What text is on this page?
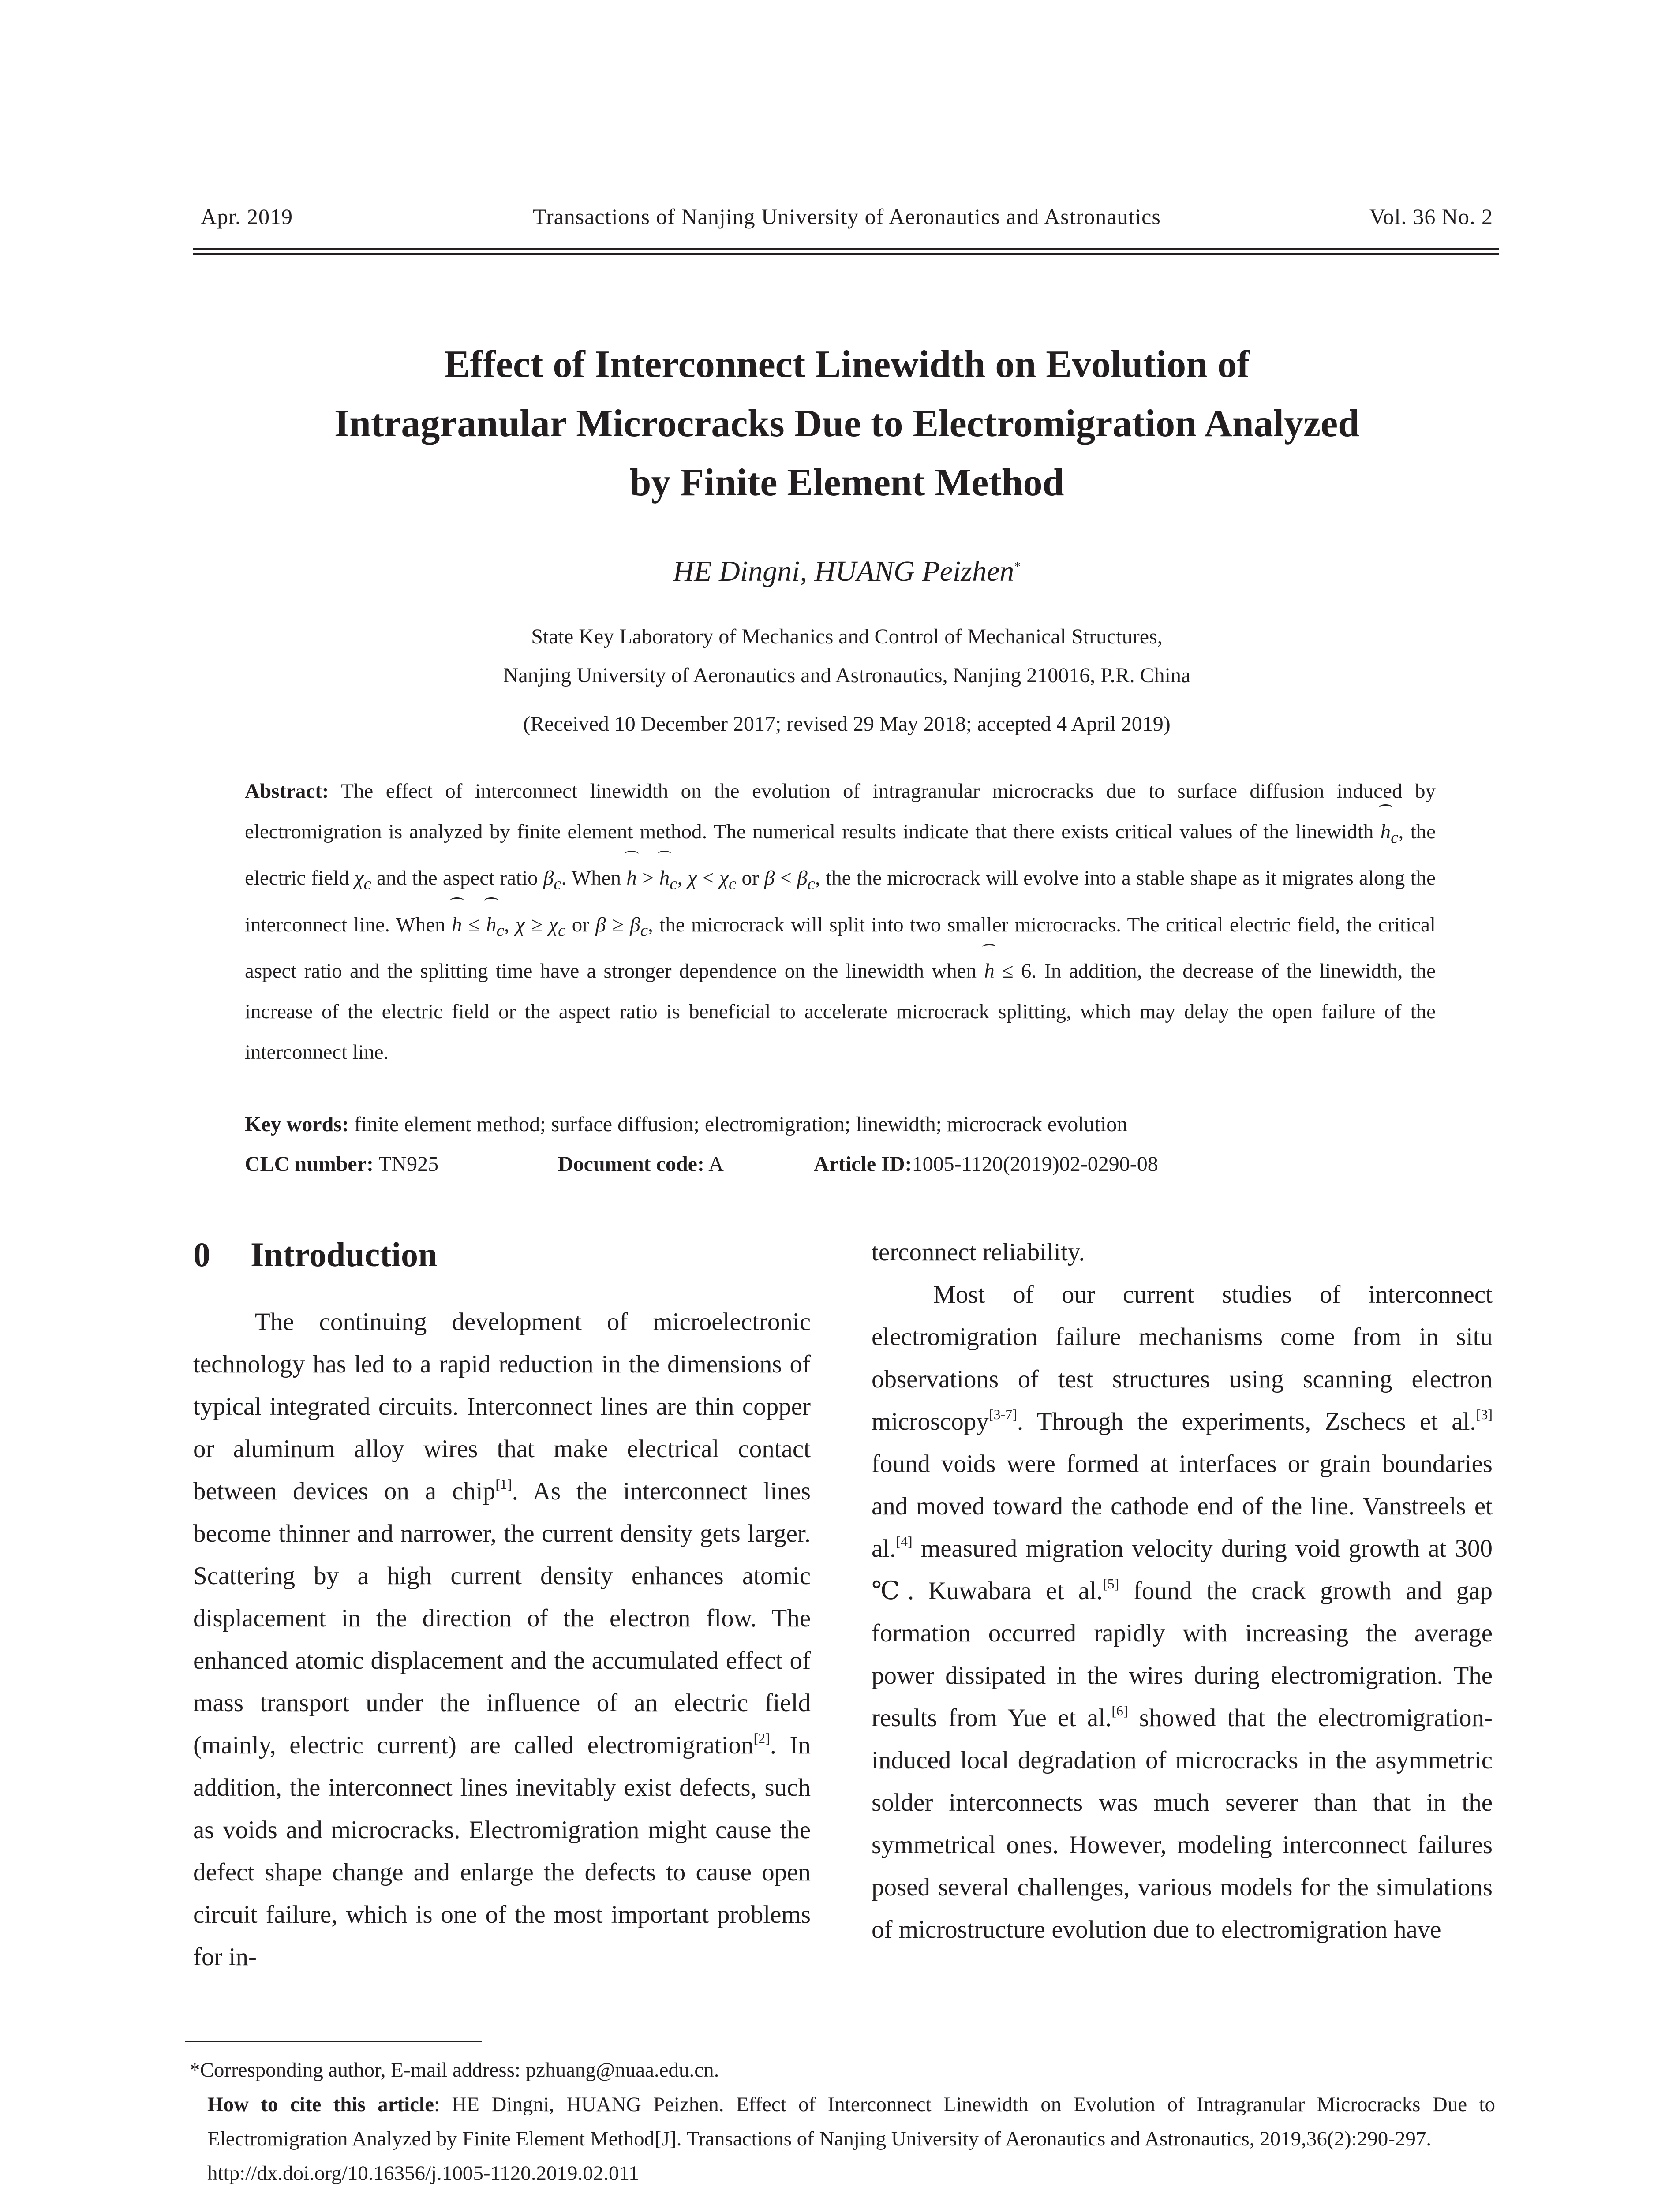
Apr. 2019	Transactions of Nanjing University of Aeronautics and Astronautics	Vol. 36 No. 2
Effect of Interconnect Linewidth on Evolution of
Intragranular Microcracks Due to Electromigration Analyzed
by Finite Element Method
HE Dingni, HUANG Peizhen*
State Key Laboratory of Mechanics and Control of Mechanical Structures,
Nanjing University of Aeronautics and Astronautics, Nanjing 210016, P.R. China
(Received 10 December 2017; revised 29 May 2018; accepted 4 April 2019)
Abstract: The effect of interconnect linewidth on the evolution of intragranular microcracks due to surface diffusion induced by electromigration is analyzed by finite element method. The numerical results indicate that there exists critical values of the linewidth $h_c$, the electric field $\chi_c$ and the aspect ratio $\beta_c$. When $h > h_c$, $\chi < \chi_c$ or $\beta < \beta_c$, the the microcrack will evolve into a stable shape as it migrates along the interconnect line. When $h \le h_c$, $\chi \ge \chi_c$ or $\beta \ge \beta_c$, the microcrack will split into two smaller microcracks. The critical electric field, the critical aspect ratio and the splitting time have a stronger dependence on the linewidth when h ≤ 6. In addition, the decrease of the linewidth, the increase of the electric field or the aspect ratio is beneficial to accelerate microcrack splitting, which may delay the open failure of the interconnect line.
Key words: finite element method; surface diffusion; electromigration; linewidth; microcrack evolution
CLC number: TN925	Document code: A	Article ID:1005-1120(2019)02-0290-08
0 Introduction

The continuing development of microelectronic technology has led to a rapid reduction in the dimensions of typical integrated circuits. Interconnect lines are thin copper or aluminum alloy wires that make electrical contact between devices on a chip[1]. As the interconnect lines become thinner and narrower, the current density gets larger. Scattering by a high current density enhances atomic displacement in the direction of the electron flow. The enhanced atomic displacement and the accumulated effect of mass transport under the influence of an electric field (mainly, electric current) are called electromigration[2]. In addition, the interconnect lines inevitably exist defects, such as voids and microcracks. Electromigration might cause the defect shape change and enlarge the defects to cause open circuit failure, which is one of the most important problems for in-

terconnect reliability.

Most of our current studies of interconnect electromigration failure mechanisms come from in situ observations of test structures using scanning electron microscopy[3-7]. Through the experiments, Zschecs et al.[3] found voids were formed at interfaces or grain boundaries and moved toward the cathode end of the line. Vanstreels et al.[4] measured migration velocity during void growth at 300 ℃. Kuwabara et al.[5] found the crack growth and gap formation occurred rapidly with increasing the average power dissipated in the wires during electromigration. The results from Yue et al.[6] showed that the electromigration-induced local degradation of microcracks in the asymmetric solder interconnects was much severer than that in the symmetrical ones. However, modeling interconnect failures posed several challenges, various models for the simulations of microstructure evolution due to electromigration have

*Corresponding author, E-mail address: pzhuang@nuaa.edu.cn.

How to cite this article: HE Dingni, HUANG Peizhen. Effect of Interconnect Linewidth on Evolution of Intragranular Microcracks Due to Electromigration Analyzed by Finite Element Method[J]. Transactions of Nanjing University of Aeronautics and Astronautics, 2019,36(2):290-297.

http://dx.doi.org/10.16356/j.1005-1120.2019.02.011
